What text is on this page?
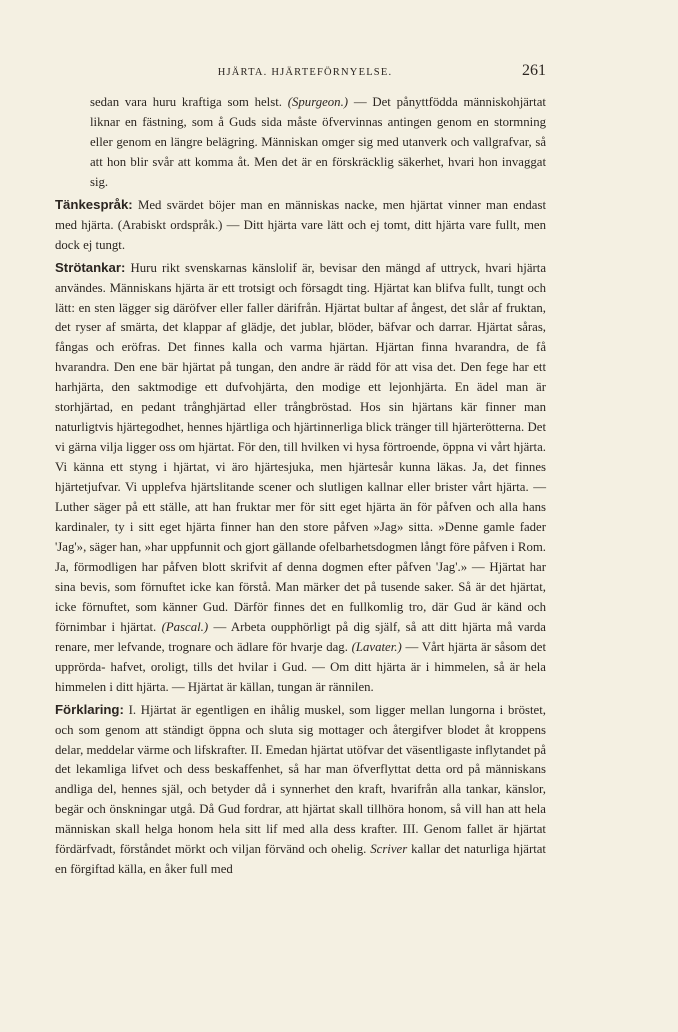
HJÄRTA. HJÄRTEFÖRNYELSE.	261

sedan vara huru kraftiga som helst. (Spurgeon.) — Det pånyttfödda människohjärtat liknar en fästning, som å Guds sida måste öfvervinnas antingen genom en stormning eller genom en längre belägring. Människan omger sig med utanverk och vallgrafvar, så att hon blir svår att komma åt. Men det är en förskräcklig säkerhet, hvari hon invaggat sig.

Tänkespråk: Med svärdet böjer man en människas nacke, men hjärtat vinner man endast med hjärta. (Arabiskt ordspråk.) — Ditt hjärta vare lätt och ej tomt, ditt hjärta vare fullt, men dock ej tungt.

Strötankar: Huru rikt svenskarnas känslolif är, bevisar den mängd af uttryck, hvari hjärta användes. Människans hjärta är ett trotsigt och försagdt ting. Hjärtat kan blifva fullt, tungt och lätt: en sten lägger sig däröfver eller faller därifrån. Hjärtat bultar af ångest, det slår af fruktan, det ryser af smärta, det klappar af glädje, det jublar, blöder, bäfvar och darrar. Hjärtat såras, fångas och eröfras. Det finnes kalla och varma hjärtan. Hjärtan finna hvarandra, de få hvarandra. Den ene bär hjärtat på tungan, den andre är rädd för att visa det. Den fege har ett harhjärta, den saktmodige ett dufvohjärta, den modige ett lejonhjärta. En ädel man är storhjärtad, en pedant trånghjärtad eller trångbröstad. Hos sin hjärtans kär finner man naturligtvis hjärtegodhet, hennes hjärtliga och hjärtinnerliga blick tränger till hjärterötterna. Det vi gärna vilja ligger oss om hjärtat. För den, till hvilken vi hysa förtroende, öppna vi vårt hjärta. Vi känna ett styng i hjärtat, vi äro hjärtesjuka, men hjärtesår kunna läkas. Ja, det finnes hjärtetjufvar. Vi upplefva hjärtslitande scener och slutligen kallnar eller brister vårt hjärta. — Luther säger på ett ställe, att han fruktar mer för sitt eget hjärta än för påfven och alla hans kardinaler, ty i sitt eget hjärta finner han den store påfven »Jag» sitta. »Denne gamle fader 'Jag'», säger han, »har uppfunnit och gjort gällande ofelbarhetsdogmen långt före påfven i Rom. Ja, förmodligen har påfven blott skrifvit af denna dogmen efter påfven 'Jag'.» — Hjärtat har sina bevis, som förnuftet icke kan förstå. Man märker det på tusende saker. Så är det hjärtat, icke förnuftet, som känner Gud. Därför finnes det en fullkomlig tro, där Gud är känd och förnimbar i hjärtat. (Pascal.) — Arbeta oupphörligt på dig själf, så att ditt hjärta må varda renare, mer lefvande, trognare och ädlare för hvarje dag. (Lavater.) — Vårt hjärta är såsom det upprörda- hafvet, oroligt, tills det hvilar i Gud. — Om ditt hjärta är i himmelen, så är hela himmelen i ditt hjärta. — Hjärtat är källan, tungan är rännilen.

Förklaring: I. Hjärtat är egentligen en ihålig muskel, som ligger mellan lungorna i bröstet, och som genom att ständigt öppna och sluta sig mottager och återgifver blodet åt kroppens delar, meddelar värme och lifskrafter. II. Emedan hjärtat utöfvar det väsentligaste inflytandet på det lekamliga lifvet och dess beskaffenhet, så har man öfverflyttat detta ord på människans andliga del, hennes själ, och betyder då i synnerhet den kraft, hvarifrån alla tankar, känslor, begär och önskningar utgå. Då Gud fordrar, att hjärtat skall tillhöra honom, så vill han att hela människan skall helga honom hela sitt lif med alla dess krafter. III. Genom fallet är hjärtat fördärfvadt, förståndet mörkt och viljan förvänd och ohelig. Scriver kallar det naturliga hjärtat en förgiftad källa, en åker full med
